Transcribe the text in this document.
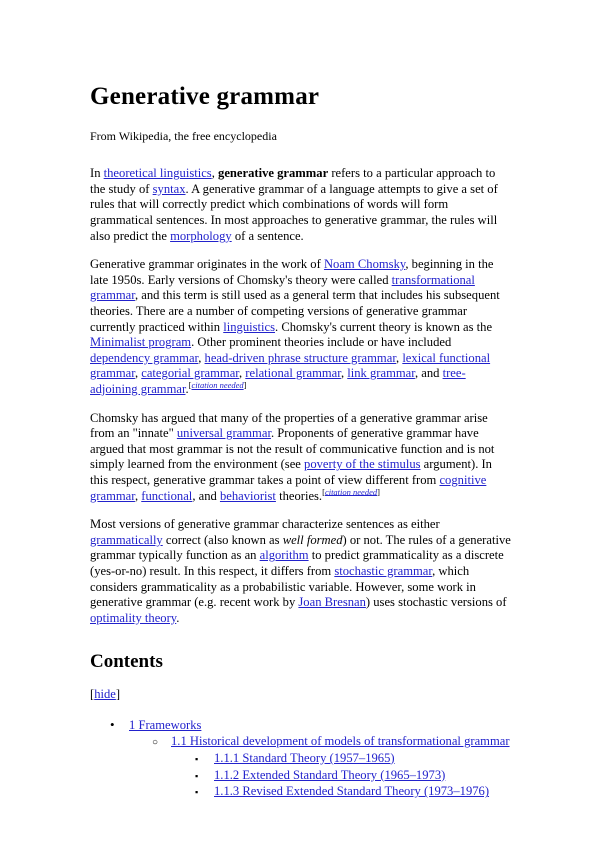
Generative grammar
From Wikipedia, the free encyclopedia

In theoretical linguistics, generative grammar refers to a particular approach to the study of syntax. A generative grammar of a language attempts to give a set of rules that will correctly predict which combinations of words will form grammatical sentences. In most approaches to generative grammar, the rules will also predict the morphology of a sentence.

Generative grammar originates in the work of Noam Chomsky, beginning in the late 1950s. Early versions of Chomsky's theory were called transformational grammar, and this term is still used as a general term that includes his subsequent theories. There are a number of competing versions of generative grammar currently practiced within linguistics. Chomsky's current theory is known as the Minimalist program. Other prominent theories include or have included dependency grammar, head-driven phrase structure grammar, lexical functional grammar, categorial grammar, relational grammar, link grammar, and tree-adjoining grammar.[citation needed]

Chomsky has argued that many of the properties of a generative grammar arise from an "innate" universal grammar. Proponents of generative grammar have argued that most grammar is not the result of communicative function and is not simply learned from the environment (see poverty of the stimulus argument). In this respect, generative grammar takes a point of view different from cognitive grammar, functional, and behaviorist theories.[citation needed]

Most versions of generative grammar characterize sentences as either grammatically correct (also known as well formed) or not. The rules of a generative grammar typically function as an algorithm to predict grammaticality as a discrete (yes-or-no) result. In this respect, it differs from stochastic grammar, which considers grammaticality as a probabilistic variable. However, some work in generative grammar (e.g. recent work by Joan Bresnan) uses stochastic versions of optimality theory.

Contents
[hide]
•	1 Frameworks
○	1.1 Historical development of models of transformational grammar
▪	1.1.1 Standard Theory (1957–1965)
▪	1.1.2 Extended Standard Theory (1965–1973)
▪	1.1.3 Revised Extended Standard Theory (1973–1976)
